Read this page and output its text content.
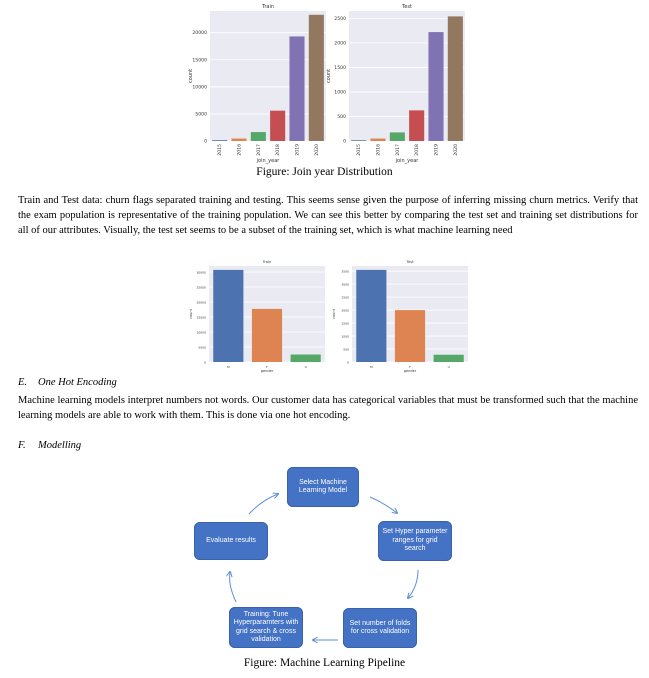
0
5000
10000
15000
20000
2015	2016	2017	2018	2019	2020
Train
join_year
count
0
500
1000
1500
2000
2500
2015	2016	2017	2018	2019	2020
Test
join_year
count
Figure: Join year Distribution
Train and Test data: churn flags separated training and testing. This seems sense given the purpose of inferring missing churn metrics. Verify that the exam population is representative of the training population. We can see this better by comparing the test set and training set distributions for all of our attributes. Visually, the test set seems to be a subset of the training set, which is what machine learning need
0
5000
10000
15000
20000
25000
30000
M	F	U
Train
gender
count
0
500
1000
1500
2000
2500
3000
3500
M	F	U
Test
gender
count
E. One Hot Encoding
Machine learning models interpret numbers not words. Our customer data has categorical variables that must be transformed such that the machine learning models are able to work with them. This is done via one hot encoding.
F. Modelling
Select Machine Learning Model
Set Hyper parameter ranges for grid search
Set number of folds for cross validation
Training: Tune Hyperparamters with grid search & cross validation
Evaluate results
Figure: Machine Learning Pipeline
